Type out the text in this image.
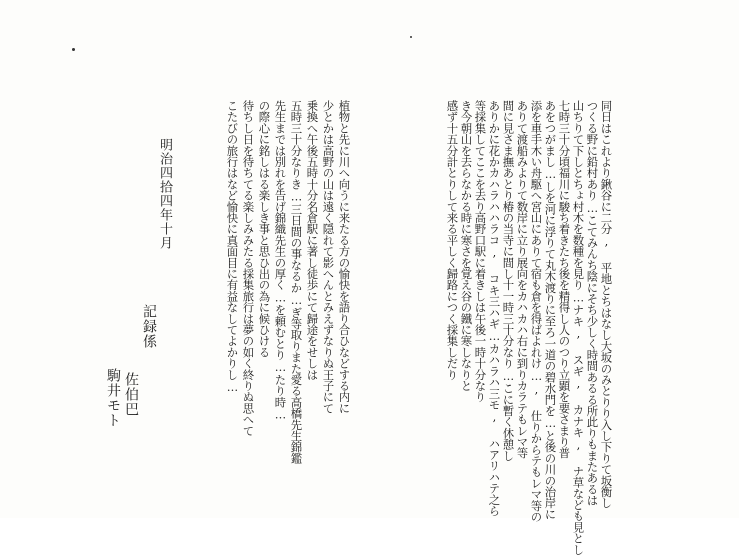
同日はこれより鍬谷に二分, 平地とちはなし大坂のみとりり入し下りて坂衡し
つくる野に鉛村あり…こてみんち陰にそち少しく時間あるる所此りもまたあるは
山ちりて下しとちょ村木を数種を見り…ナキ, スギ, カナキ, ナ草なども見とし
七時三十分頃福川に駿ち着きたち後を精得し人のつり立顕を要さまり普
あをつがまし…しを河に浮りて丸木渡りに至ろ一道の碧水門を…と後の川の治岸に
添を車手木い舟駆へ宮山にありて宿も倉を得ばよれけ…, 仕りからテもレマ等の
ありて渡船みよりて数岸に立り展向をカハカハ右に到りカラテもレマ等
間に見さま撫あとり椿の当寺に間し十一時三十分なり…こに暫く休憩し
ありかに花かカハラハハラコ, コキ三ハギ…カハラハ三モ, ハアリハテ之ら
等採集してここを去り高野口駅に着きしは午後一時十分なり
き今朝山を去らなかる時に寒さを覚え谷の鐵に寒しなりと
感ず十五分計とりして来る平しく歸路につく採集しだり
植物と先に川へ向うに来たる方の愉快を語り合ひなどする内に
少とかは高野の山は遠く隠れて影へんとみえずなりぬ王子にて
乗換へ午後五時十分名倉駅に著し徒歩にて歸途をせしは
五時三十分なりき…三日間の事なるか…ぎ等取りまた愛る高橋先生錦鑑
先生までは別れを告げ錦織先生の厚く…を頼むとり…たり時…
の際心に銘しはる楽しき事と思ひ出の為に候ひける
待ちし日を待ちてる楽しみみたる採集旅行は夢の如く終りぬ思へて
こたびの旅行はなど愉快に真面目に有益なしてよかりし…
明治四拾四年十月
記録係
佐伯巴
駒井モト
